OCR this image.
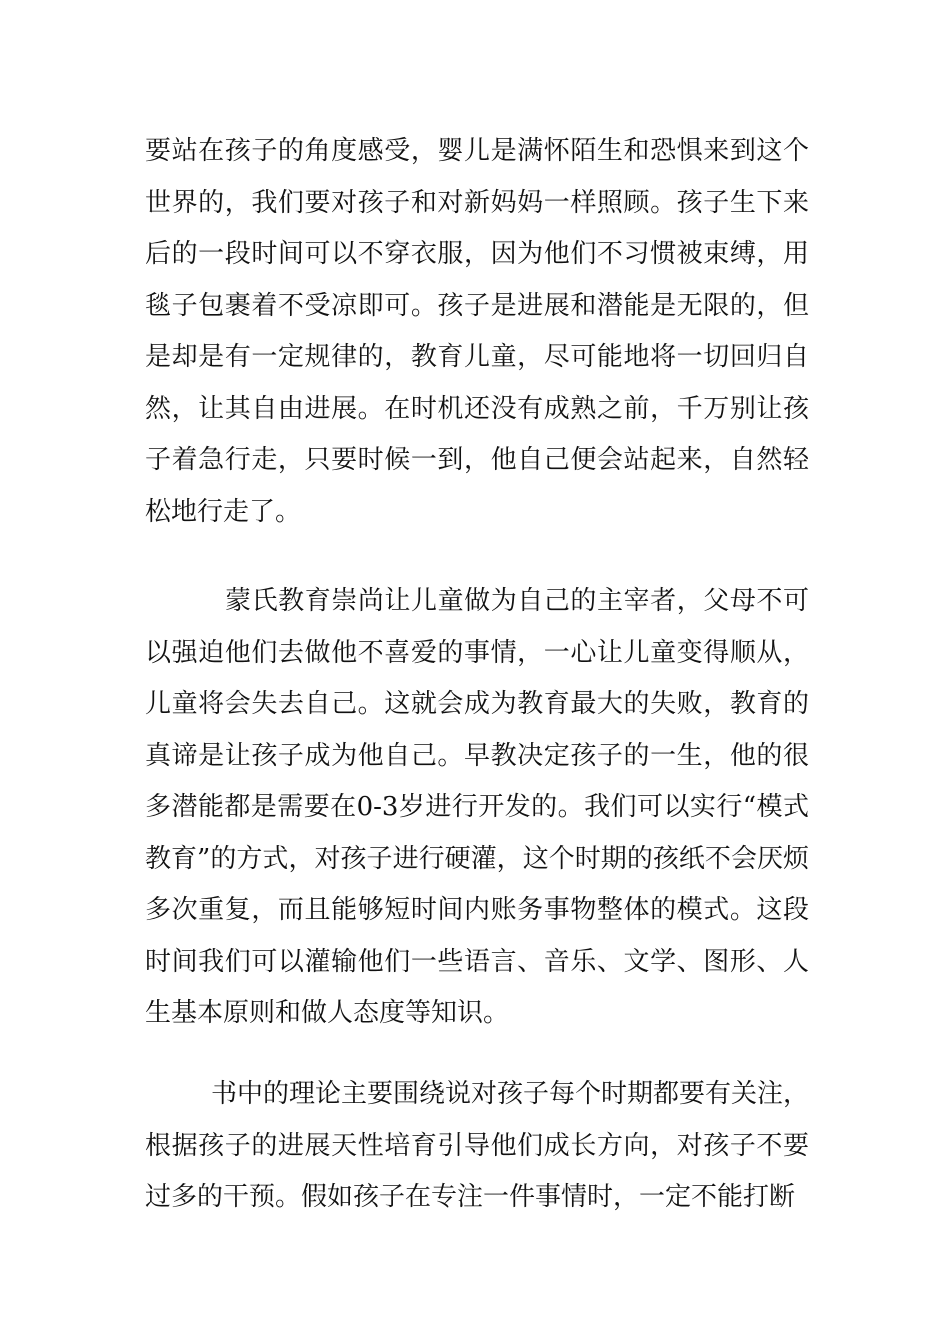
要站在孩子的角度感受，婴儿是满怀陌生和恐惧来到这个世界的，我们要对孩子和对新妈妈一样照顾。孩子生下来后的一段时间可以不穿衣服，因为他们不习惯被束缚，用毯子包裹着不受凉即可。孩子是进展和潜能是无限的，但是却是有一定规律的，教育儿童，尽可能地将一切回归自然，让其自由进展。在时机还没有成熟之前，千万别让孩子着急行走，只要时候一到，他自己便会站起来，自然轻松地行走了。

蒙氏教育崇尚让儿童做为自己的主宰者，父母不可以强迫他们去做他不喜爱的事情，一心让儿童变得顺从，儿童将会失去自己。这就会成为教育最大的失败，教育的真谛是让孩子成为他自己。早教决定孩子的一生，他的很多潜能都是需要在0-3岁进行开发的。我们可以实行“模式教育”的方式，对孩子进行硬灌，这个时期的孩纸不会厌烦多次重复，而且能够短时间内账务事物整体的模式。这段时间我们可以灌输他们一些语言、音乐、文学、图形、人生基本原则和做人态度等知识。

书中的理论主要围绕说对孩子每个时期都要有关注，根据孩子的进展天性培育引导他们成长方向，对孩子不要过多的干预。假如孩子在专注一件事情时，一定不能打断
